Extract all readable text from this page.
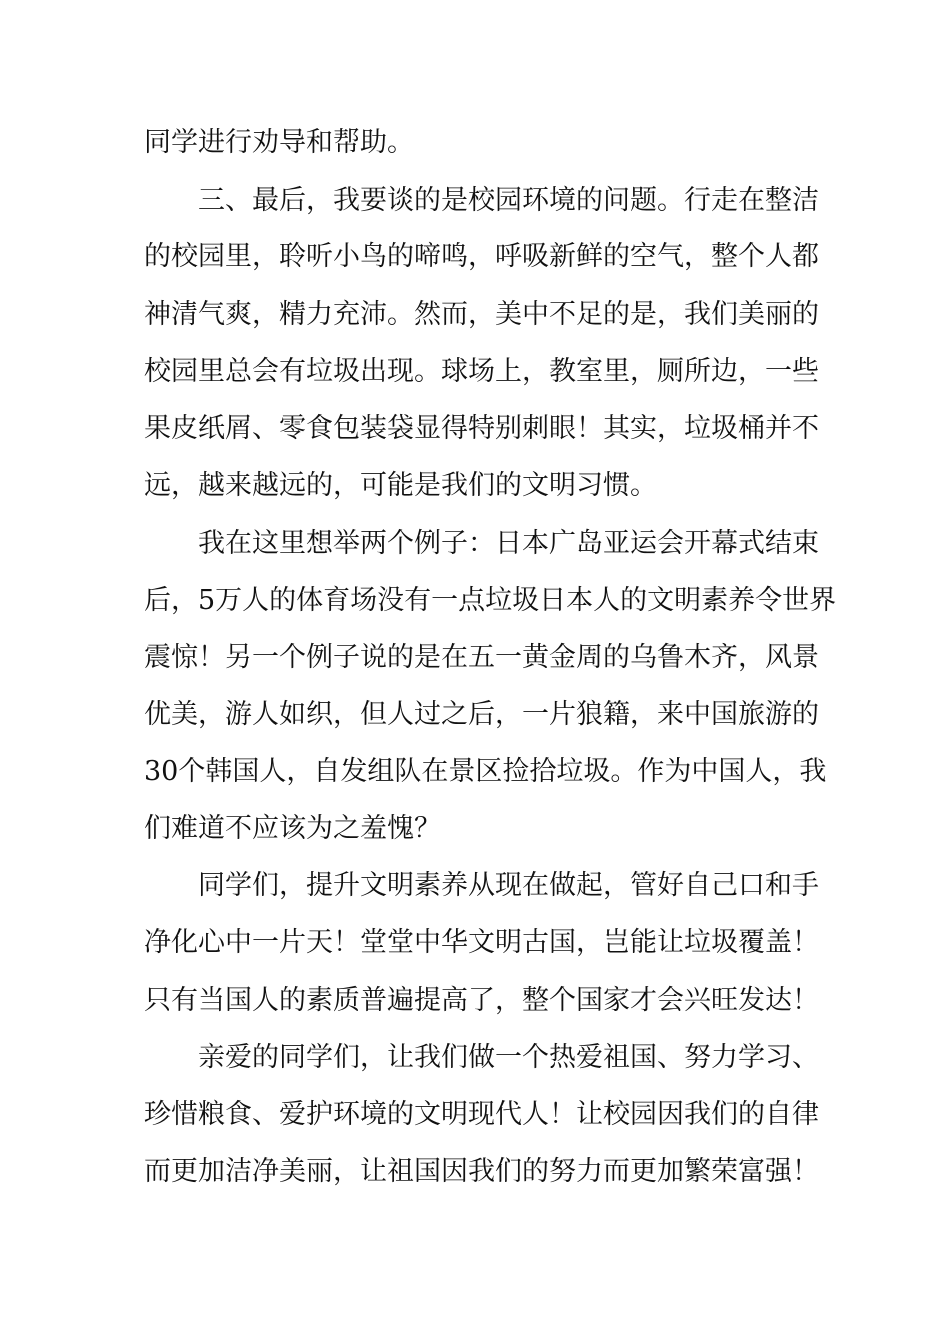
同学进行劝导和帮助。
三、最后，我要谈的是校园环境的问题。行走在整洁
的校园里，聆听小鸟的啼鸣，呼吸新鲜的空气，整个人都
神清气爽，精力充沛。然而，美中不足的是，我们美丽的
校园里总会有垃圾出现。球场上，教室里，厕所边，一些
果皮纸屑、零食包装袋显得特别刺眼！其实，垃圾桶并不
远，越来越远的，可能是我们的文明习惯。
我在这里想举两个例子：日本广岛亚运会开幕式结束
后，5万人的体育场没有一点垃圾日本人的文明素养令世界
震惊！另一个例子说的是在五一黄金周的乌鲁木齐，风景
优美，游人如织，但人过之后，一片狼籍，来中国旅游的
30个韩国人，自发组队在景区捡拾垃圾。作为中国人，我
们难道不应该为之羞愧？
同学们，提升文明素养从现在做起，管好自己口和手
净化心中一片天！堂堂中华文明古国，岂能让垃圾覆盖！
只有当国人的素质普遍提高了，整个国家才会兴旺发达！
亲爱的同学们，让我们做一个热爱祖国、努力学习、
珍惜粮食、爱护环境的文明现代人！让校园因我们的自律
而更加洁净美丽，让祖国因我们的努力而更加繁荣富强！
